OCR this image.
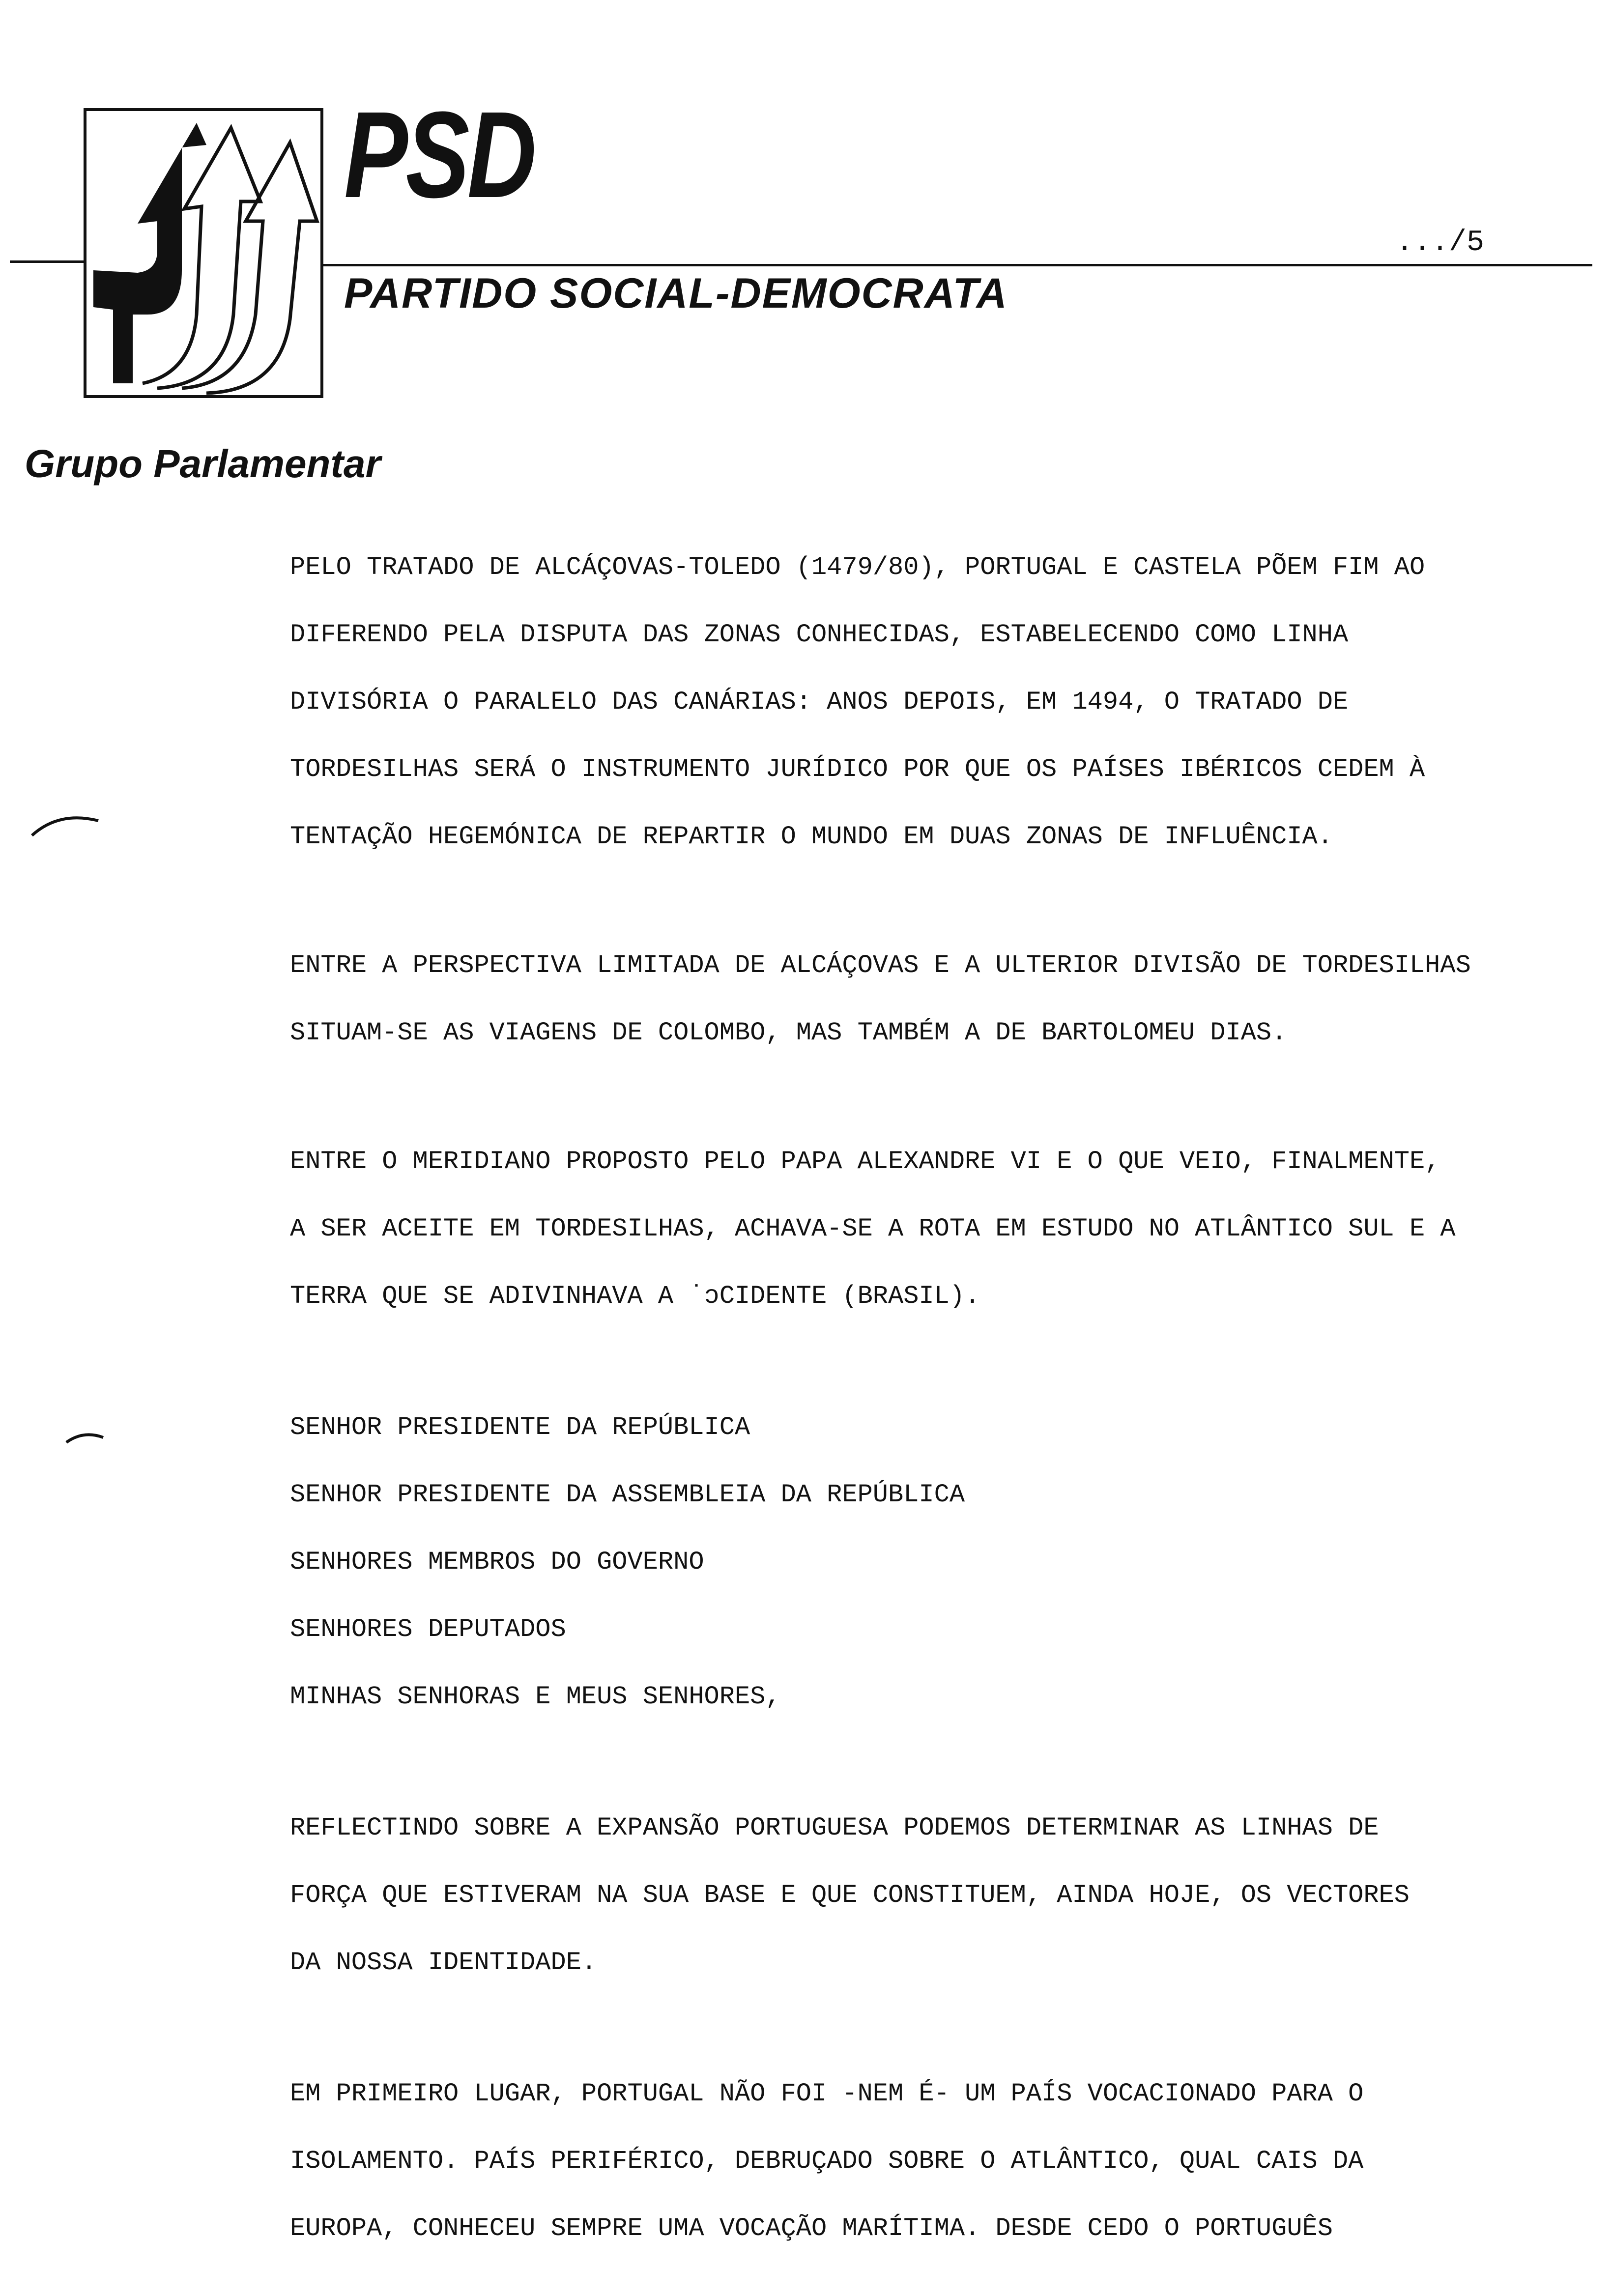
PSD
.../5
PARTIDO SOCIAL-DEMOCRATA
Grupo Parlamentar
PELO TRATADO DE ALCÁÇOVAS-TOLEDO (1479/80), PORTUGAL E CASTELA PÕEM FIM AO
DIFERENDO PELA DISPUTA DAS ZONAS CONHECIDAS, ESTABELECENDO COMO LINHA
DIVISÓRIA O PARALELO DAS CANÁRIAS: ANOS DEPOIS, EM 1494, O TRATADO DE
TORDESILHAS SERÁ O INSTRUMENTO JURÍDICO POR QUE OS PAÍSES IBÉRICOS CEDEM À
TENTAÇÃO HEGEMÓNICA DE REPARTIR O MUNDO EM DUAS ZONAS DE INFLUÊNCIA.
ENTRE A PERSPECTIVA LIMITADA DE ALCÁÇOVAS E A ULTERIOR DIVISÃO DE TORDESILHAS
SITUAM-SE AS VIAGENS DE COLOMBO, MAS TAMBÉM A DE BARTOLOMEU DIAS.
ENTRE O MERIDIANO PROPOSTO PELO PAPA ALEXANDRE VI E O QUE VEIO, FINALMENTE,
A SER ACEITE EM TORDESILHAS, ACHAVA-SE A ROTA EM ESTUDO NO ATLÂNTICO SUL E A
TERRA QUE SE ADIVINHAVA A ˙ɔCIDENTE (BRASIL).
SENHOR PRESIDENTE DA REPÚBLICA
SENHOR PRESIDENTE DA ASSEMBLEIA DA REPÚBLICA
SENHORES MEMBROS DO GOVERNO
SENHORES DEPUTADOS
MINHAS SENHORAS E MEUS SENHORES,
REFLECTINDO SOBRE A EXPANSÃO PORTUGUESA PODEMOS DETERMINAR AS LINHAS DE
FORÇA QUE ESTIVERAM NA SUA BASE E QUE CONSTITUEM, AINDA HOJE, OS VECTORES
DA NOSSA IDENTIDADE.
EM PRIMEIRO LUGAR, PORTUGAL NÃO FOI -NEM É- UM PAÍS VOCACIONADO PARA O
ISOLAMENTO. PAÍS PERIFÉRICO, DEBRUÇADO SOBRE O ATLÂNTICO, QUAL CAIS DA
EUROPA, CONHECEU SEMPRE UMA VOCAÇÃO MARÍTIMA. DESDE CEDO O PORTUGUÊS
